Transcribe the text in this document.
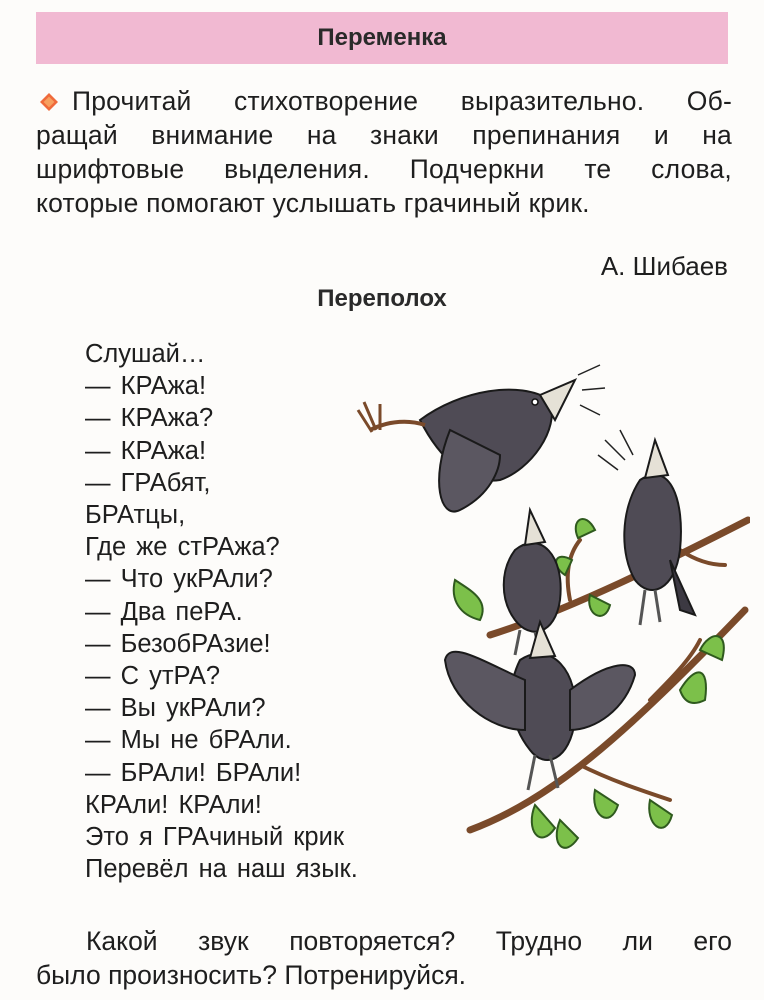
Переменка
Прочитай стихотворение выразительно. Об-
ращай внимание на знаки препинания и на
шрифтовые выделения. Подчеркни те слова,
которые помогают услышать грачиный крик.
А. Шибаев
Переполох
Слушай…
— КРАжа!
— КРАжа?
— КРАжа!
— ГРАбят,
БРАтцы,
Где же стРАжа?
— Что укРАли?
— Два пеРА.
— БезобРАзие!
— С утРА?
— Вы укРАли?
— Мы не бРАли.
— БРАли! БРАли!
КРАли! КРАли!
Это я ГРАчиный крик
Перевёл на наш язык.
Какой звук повторяется? Трудно ли его
было произносить? Потренируйся.
